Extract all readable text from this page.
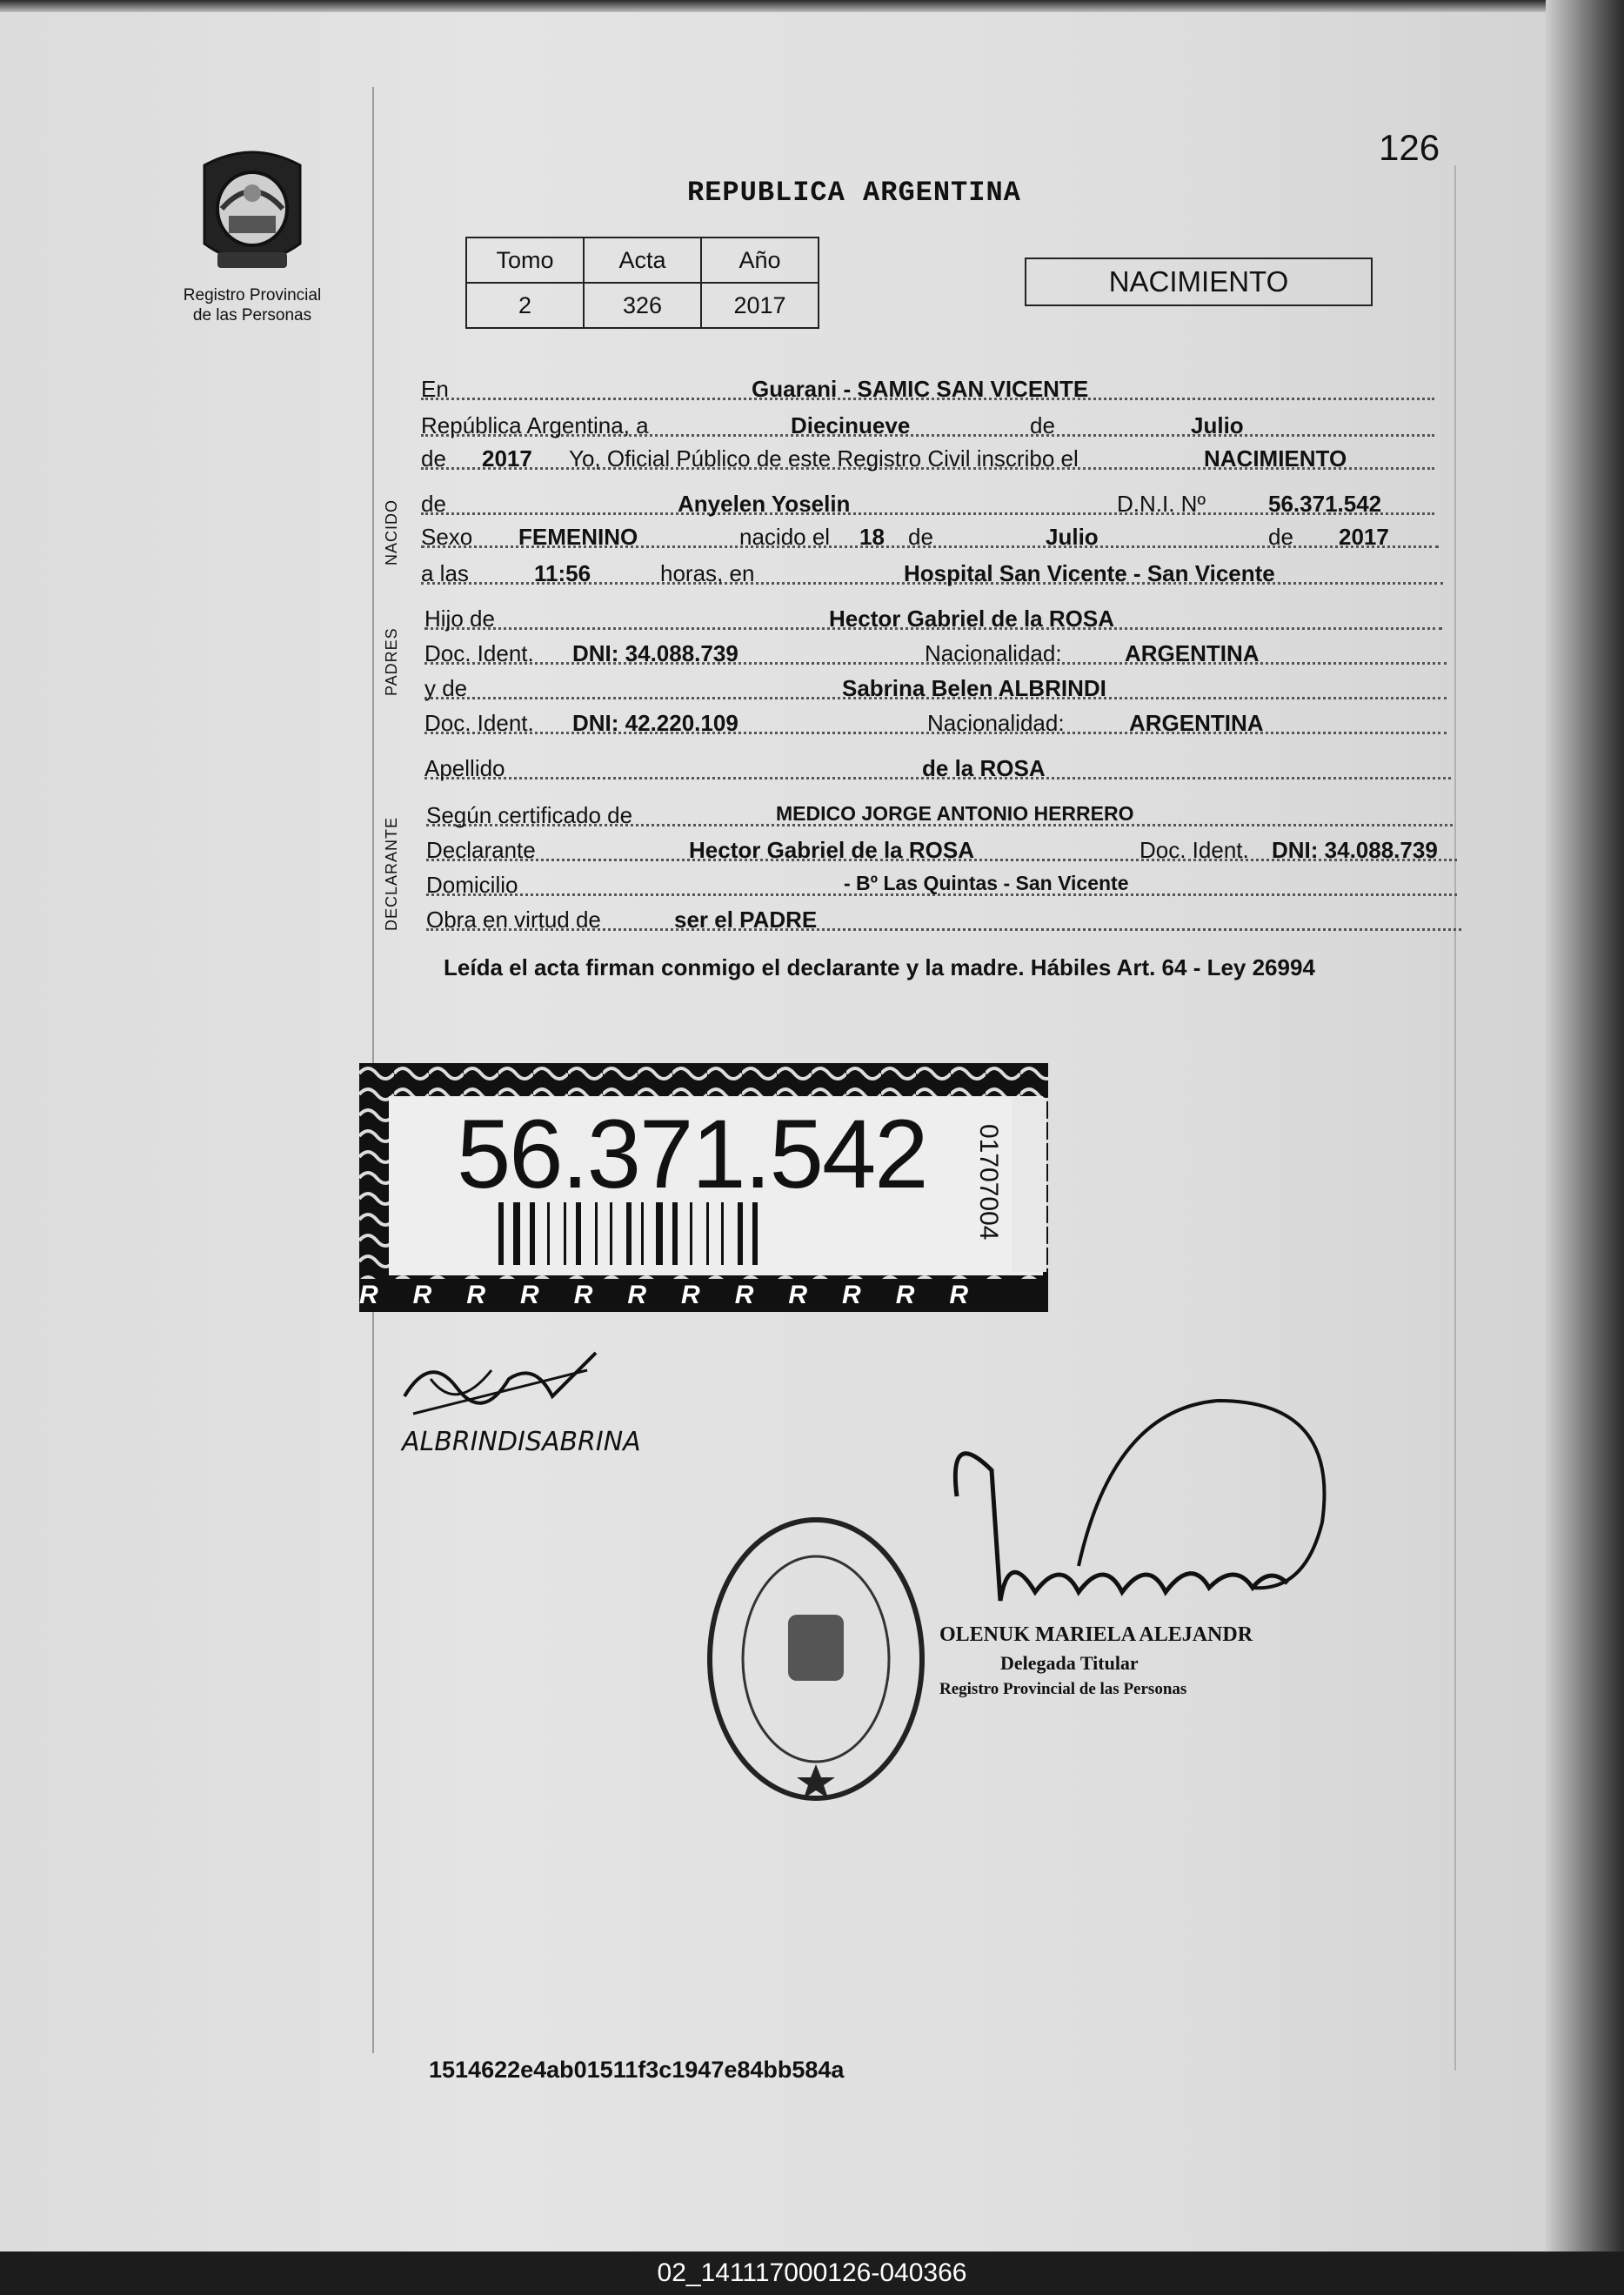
Registro Provincial
de las Personas
126
REPUBLICA ARGENTINA
Tomo	Acta	Año
2	326	2017
NACIMIENTO
NACIDO
PADRES
DECLARANTE
En	Guarani - SAMIC SAN VICENTE
República Argentina, a	Diecinueve	de	Julio
de 2017 Yo, Oficial Público de este Registro Civil inscribo el	NACIMIENTO
de	Anyelen Yoselin	D.N.I. Nº	56.371.542
Sexo FEMENINO	nacido el 18 de	Julio	de 2017
a las	11:56	horas, en	Hospital San Vicente - San Vicente
Hijo de	Hector Gabriel de la ROSA
Doc. Ident. DNI: 34.088.739	Nacionalidad:	ARGENTINA
y de	Sabrina Belen ALBRINDI
Doc. Ident. DNI: 42.220.109	Nacionalidad:	ARGENTINA
Apellido	de la ROSA
Según certificado de	MEDICO JORGE ANTONIO HERRERO
Declarante	Hector Gabriel de la ROSA	Doc. Ident. DNI: 34.088.739
Domicilio	- Bº Las Quintas - San Vicente
Obra en virtud de	ser el PADRE
Leída el acta firman conmigo el declarante y la madre. Hábiles Art. 64 - Ley 26994
56.371.542 01707004
RRRRRRRRRRRR
ALBRINDISABRINA
OLENUK MARIELA ALEJANDR
Delegada Titular
Registro Provincial de las Personas
1514622e4ab01511f3c1947e84bb584a
02_141117000126-040366
